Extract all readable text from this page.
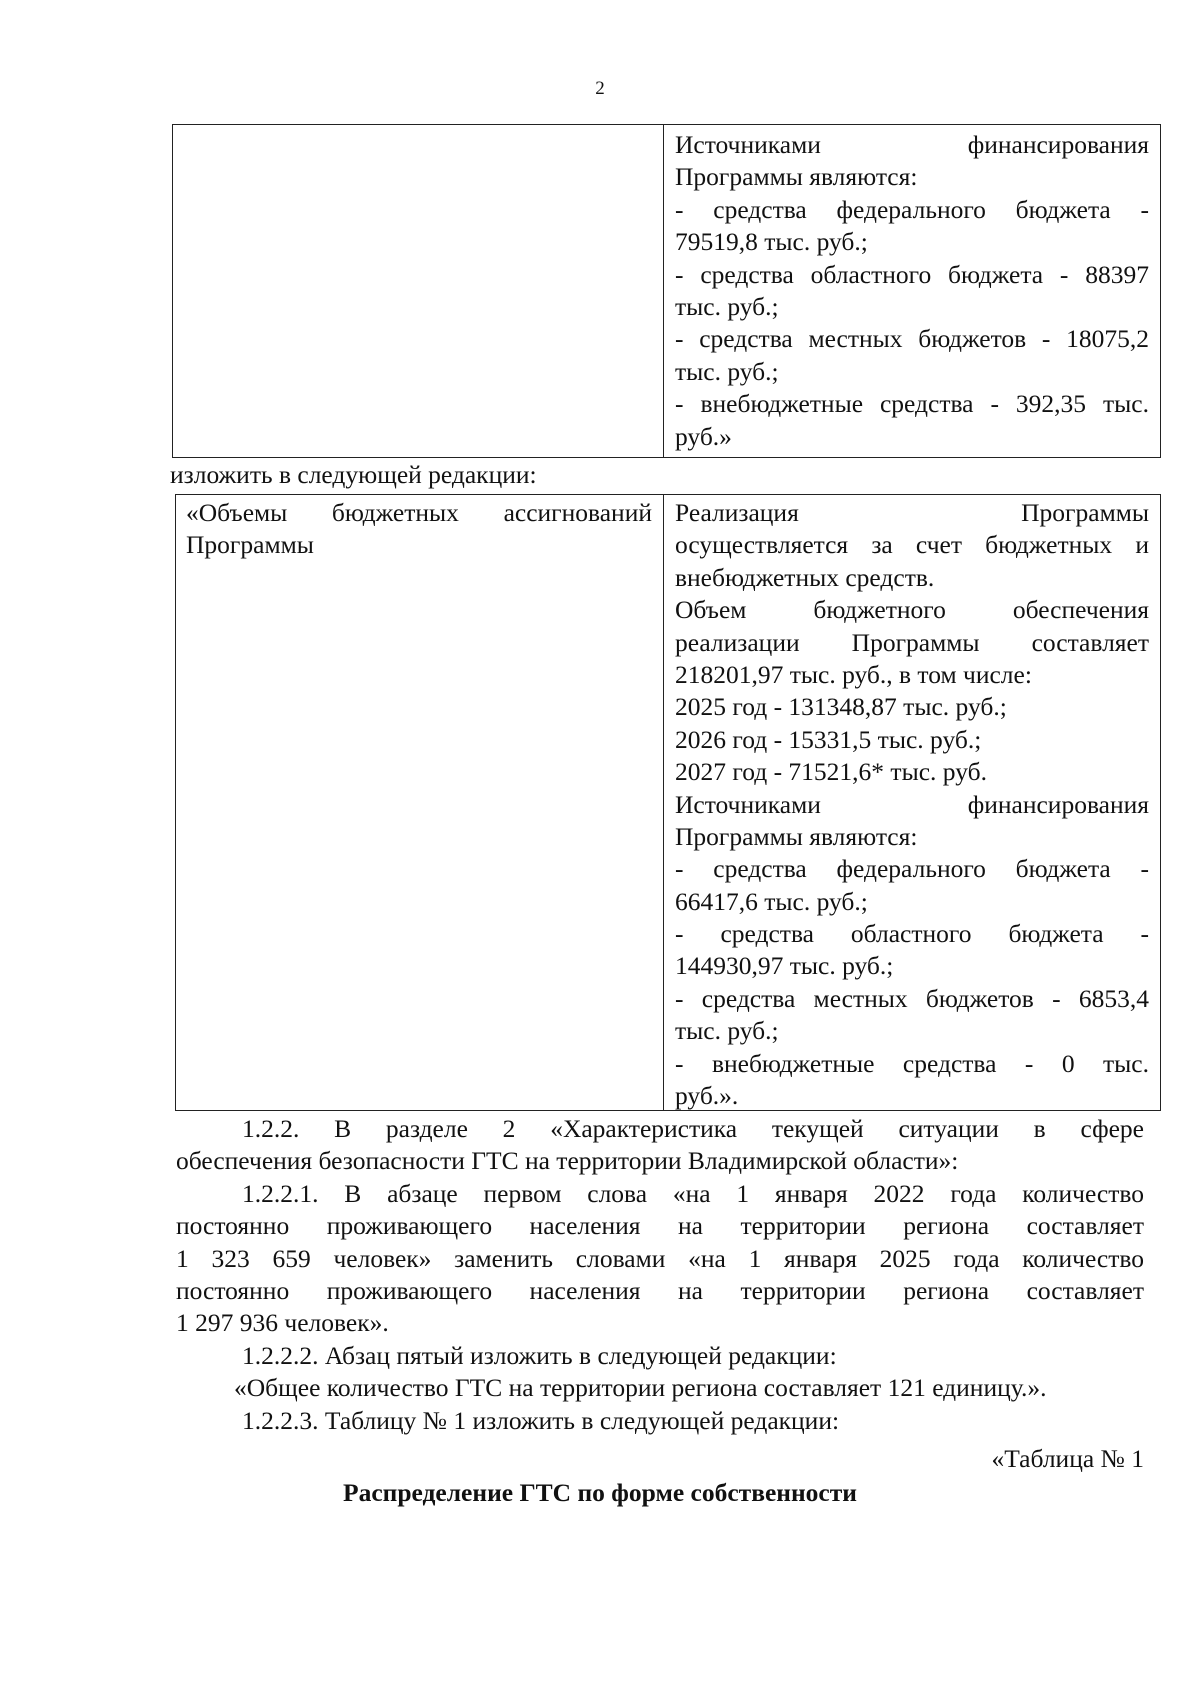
2
Источниками финансирования
Программы являются:
- средства федерального бюджета -
79519,8 тыс. руб.;
- средства областного бюджета - 88397
тыс. руб.;
- средства местных бюджетов - 18075,2
тыс. руб.;
- внебюджетные средства - 392,35 тыс.
руб.»
изложить в следующей редакции:
«Объемы бюджетных ассигнований
Программы
Реализация Программы
осуществляется за счет бюджетных и
внебюджетных средств.
Объем бюджетного обеспечения
реализации Программы составляет
218201,97 тыс. руб., в том числе:
2025 год - 131348,87 тыс. руб.;
2026 год - 15331,5 тыс. руб.;
2027 год - 71521,6* тыс. руб.
Источниками финансирования
Программы являются:
- средства федерального бюджета -
66417,6 тыс. руб.;
- средства областного бюджета -
144930,97 тыс. руб.;
- средства местных бюджетов - 6853,4
тыс. руб.;
- внебюджетные средства - 0 тыс.
руб.».
1.2.2. В разделе 2 «Характеристика текущей ситуации в сфере
обеспечения безопасности ГТС на территории Владимирской области»:
1.2.2.1. В абзаце первом слова «на 1 января 2022 года количество
постоянно проживающего населения на территории региона составляет
1 323 659 человек» заменить словами «на 1 января 2025 года количество
постоянно проживающего населения на территории региона составляет
1 297 936 человек».
1.2.2.2. Абзац пятый изложить в следующей редакции:
«Общее количество ГТС на территории региона составляет 121 единицу.».
1.2.2.3. Таблицу № 1 изложить в следующей редакции:
«Таблица № 1
Распределение ГТС по форме собственности
